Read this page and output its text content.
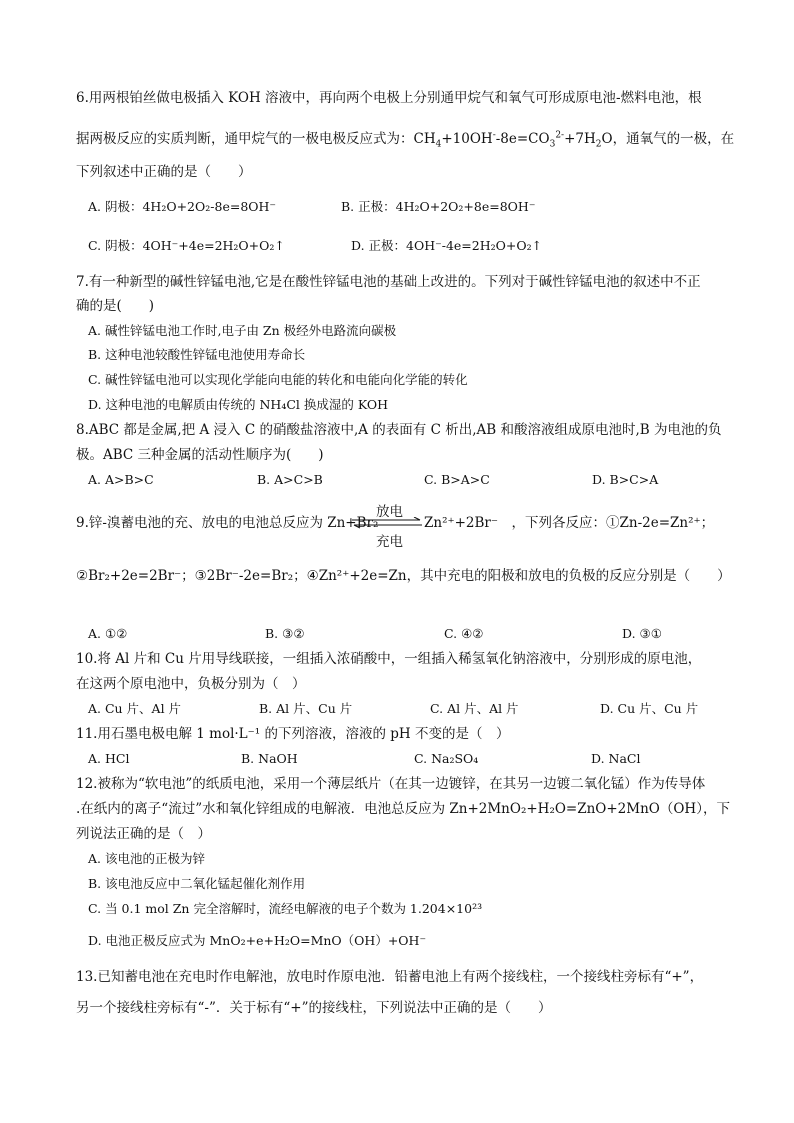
6.用两根铂丝做电极插入 KOH 溶液中，再向两个电极上分别通甲烷气和氧气可形成原电池-燃料电池，根
据两极反应的实质判断，通甲烷气的一极电极反应式为：$CH_4+10OH^--8e=CO_3^{2-}+7H_2O$，通氧气的一极，在
下列叙述中正确的是（　　）
A. 阴极：4H₂O+2O₂-8e=8OH⁻	B. 正极：4H₂O+2O₂+8e=8OH⁻
C. 阴极：4OH⁻+4e=2H₂O+O₂↑	D. 正极：4OH⁻-4e=2H₂O+O₂↑
7.有一种新型的碱性锌锰电池,它是在酸性锌锰电池的基础上改进的。下列对于碱性锌锰电池的叙述中不正
确的是(　　)
A. 碱性锌锰电池工作时,电子由 Zn 极经外电路流向碳极
B. 这种电池较酸性锌锰电池使用寿命长
C. 碱性锌锰电池可以实现化学能向电能的转化和电能向化学能的转化
D. 这种电池的电解质由传统的 NH₄Cl 换成湿的 KOH
8.ABC 都是金属,把 A 浸入 C 的硝酸盐溶液中,A 的表面有 C 析出,AB 和酸溶液组成原电池时,B 为电池的负
极。ABC 三种金属的活动性顺序为(　　)
A. A>B>C	B. A>C>B	C. B>A>C	D. B>C>A
9.锌-溴蓄电池的充、放电的电池总反应为 Zn+Br₂
放电
充电
Zn²⁺+2Br⁻　，下列各反应：①Zn-2e=Zn²⁺；
②Br₂+2e=2Br⁻；③2Br⁻-2e=Br₂；④Zn²⁺+2e=Zn，其中充电的阳极和放电的负极的反应分别是（　　）
A. ①②	B. ③②	C. ④②	D. ③①
10.将 Al 片和 Cu 片用导线联接，一组插入浓硝酸中，一组插入稀氢氧化钠溶液中，分别形成的原电池，
在这两个原电池中，负极分别为（　）
A. Cu 片、Al 片	B. Al 片、Cu 片	C. Al 片、Al 片	D. Cu 片、Cu 片
11.用石墨电极电解 1 mol·L⁻¹ 的下列溶液，溶液的 pH 不变的是（　）
A. HCl	B. NaOH	C. Na₂SO₄	D. NaCl
12.被称为“软电池”的纸质电池，采用一个薄层纸片（在其一边镀锌，在其另一边镀二氧化锰）作为传导体
.在纸内的离子“流过”水和氧化锌组成的电解液．电池总反应为 Zn+2MnO₂+H₂O=ZnO+2MnO（OH），下
列说法正确的是（　）
A. 该电池的正极为锌
B. 该电池反应中二氧化锰起催化剂作用
C. 当 0.1 mol Zn 完全溶解时，流经电解液的电子个数为 1.204×10²³
D. 电池正极反应式为 MnO₂+e+H₂O=MnO（OH）+OH⁻
13.已知蓄电池在充电时作电解池，放电时作原电池．铅蓄电池上有两个接线柱，一个接线柱旁标有“+”，
另一个接线柱旁标有“-”．关于标有“+”的接线柱，下列说法中正确的是（　　）
